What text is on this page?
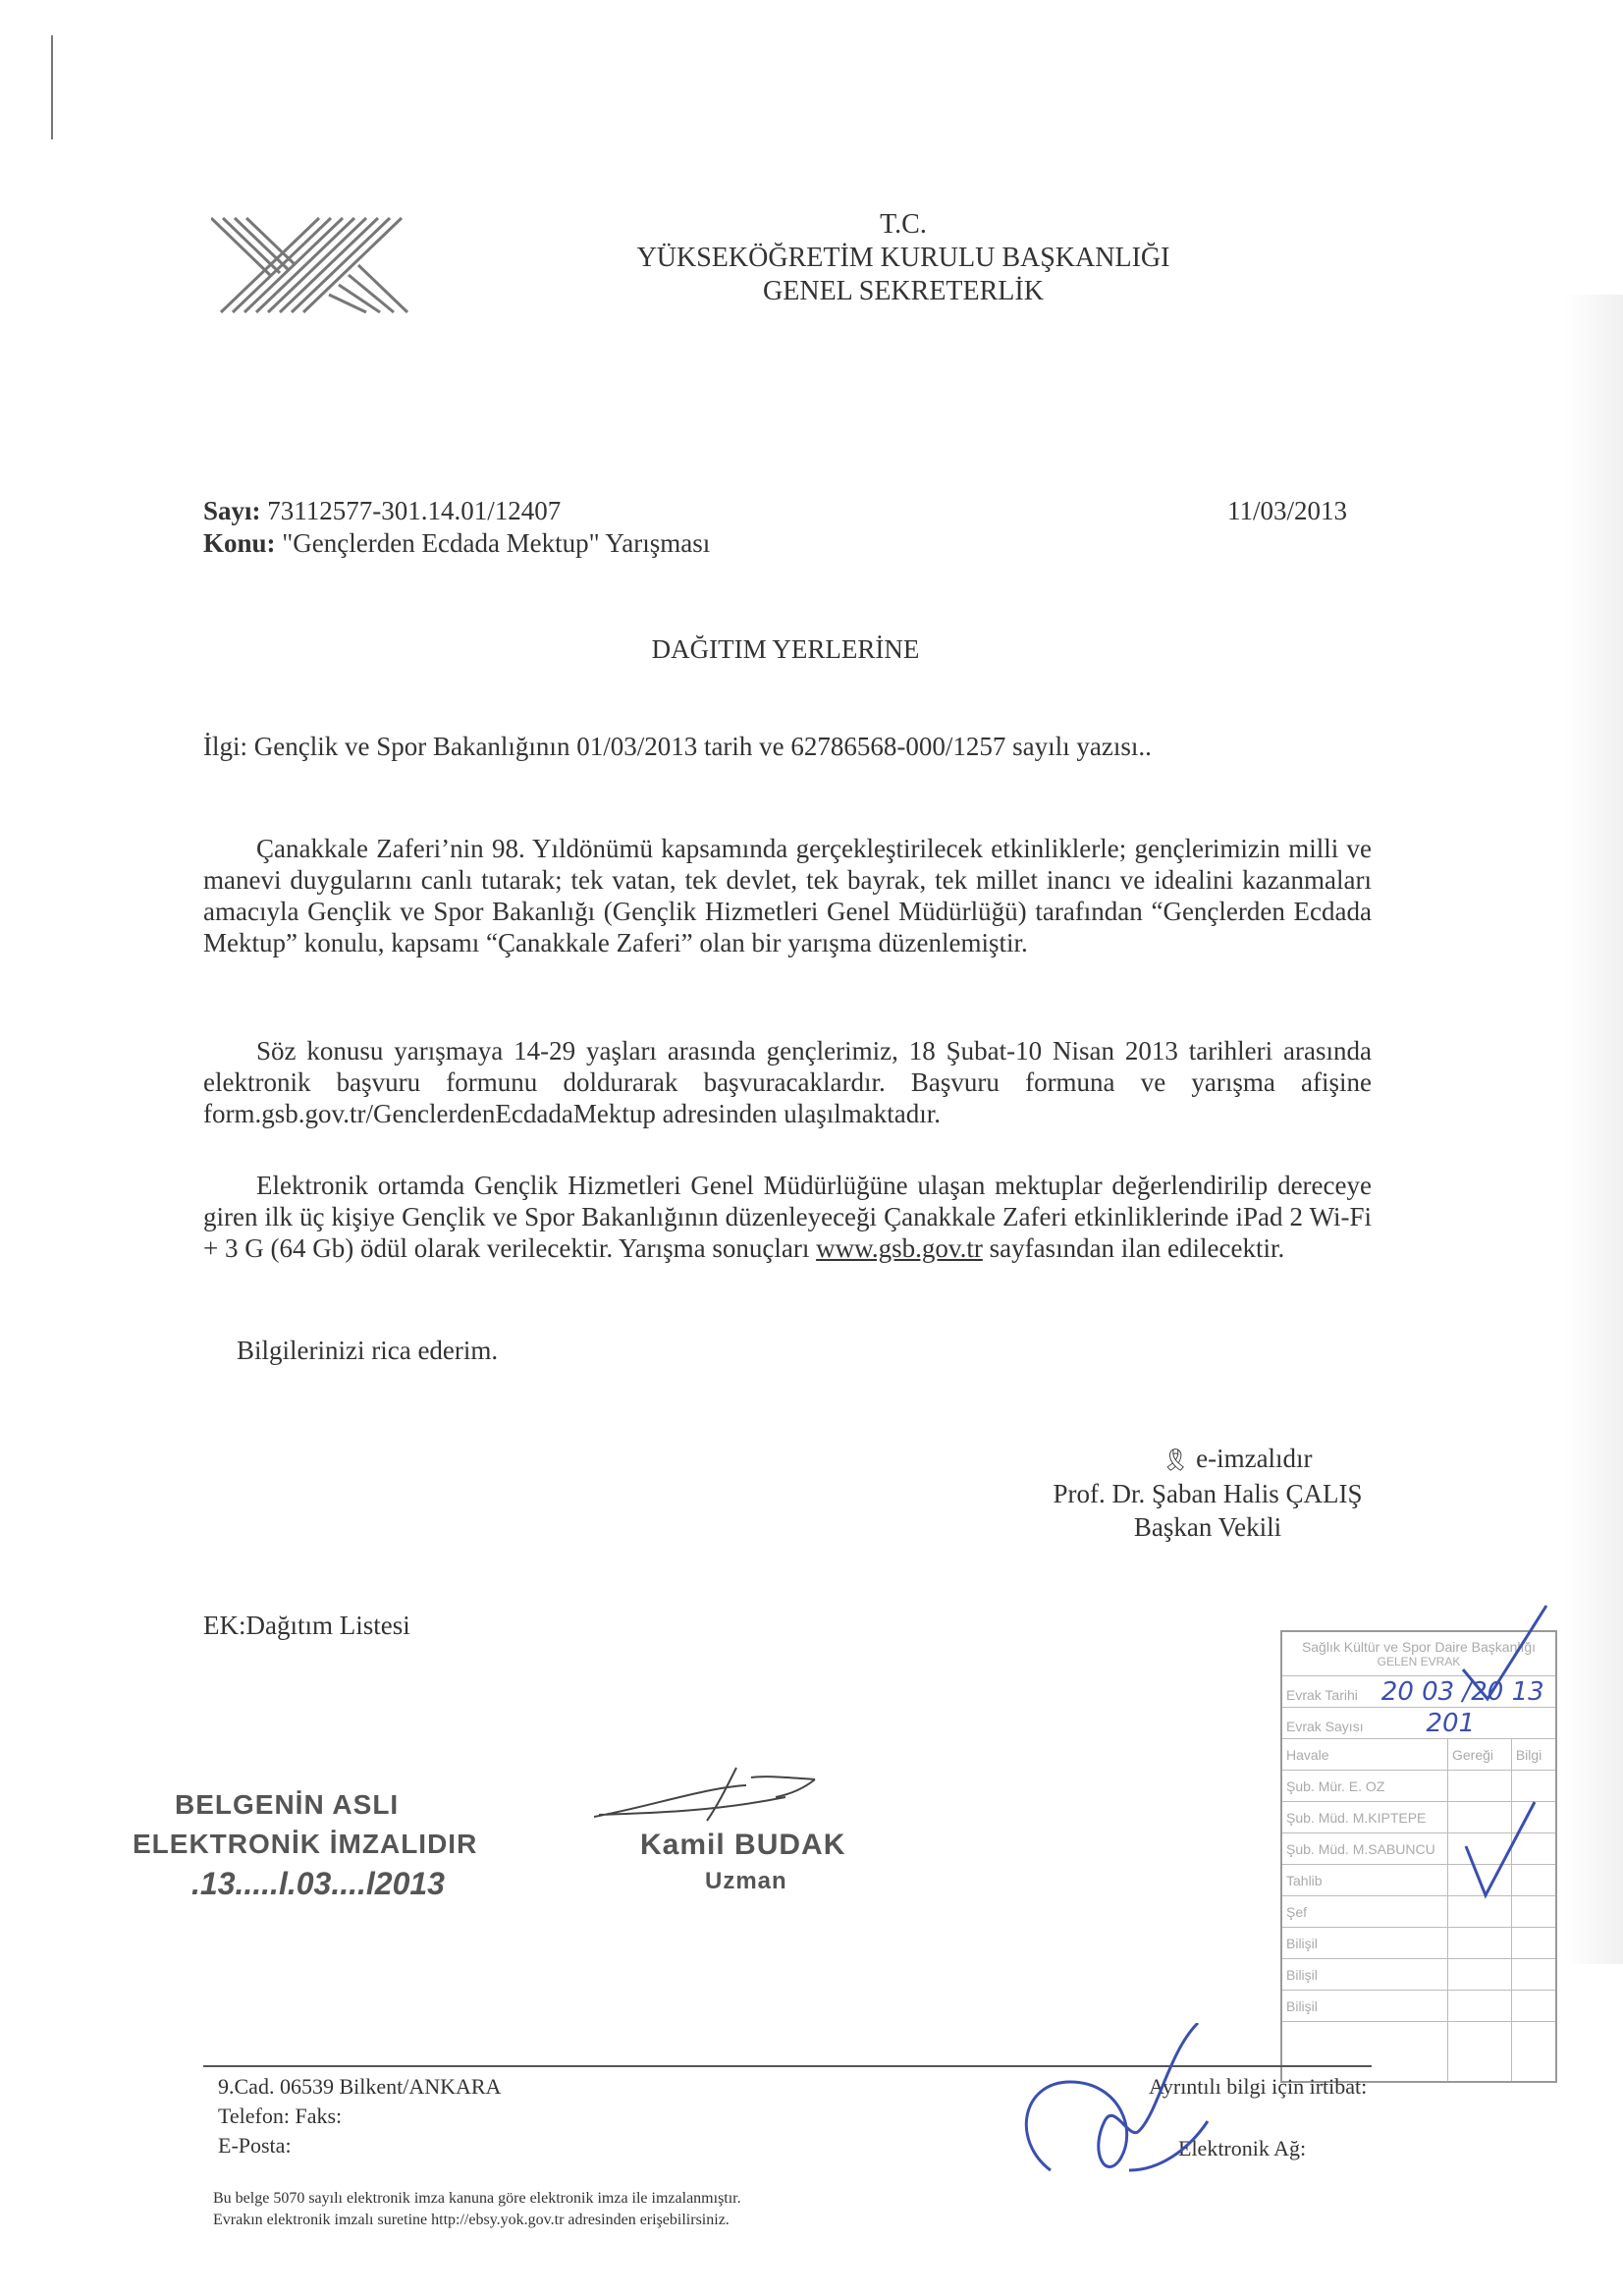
T.C.
YÜKSEKÖĞRETİM KURULU BAŞKANLIĞI
GENEL SEKRETERLİK
Sayı: 73112577-301.14.01/12407
Konu: "Gençlerden Ecdada Mektup" Yarışması
11/03/2013
DAĞITIM YERLERİNE
İlgi: Gençlik ve Spor Bakanlığının 01/03/2013 tarih ve 62786568-000/1257 sayılı yazısı..
Çanakkale Zaferi’nin 98. Yıldönümü kapsamında gerçekleştirilecek etkinliklerle; gençlerimizin milli ve manevi duygularını canlı tutarak; tek vatan, tek devlet, tek bayrak, tek millet inancı ve idealini kazanmaları amacıyla Gençlik ve Spor Bakanlığı (Gençlik Hizmetleri Genel Müdürlüğü) tarafından “Gençlerden Ecdada Mektup” konulu, kapsamı “Çanakkale Zaferi” olan bir yarışma düzenlemiştir.
Söz konusu yarışmaya 14-29 yaşları arasında gençlerimiz, 18 Şubat-10 Nisan 2013 tarihleri arasında elektronik başvuru formunu doldurarak başvuracaklardır. Başvuru formuna ve yarışma afişine form.gsb.gov.tr/GenclerdenEcdadaMektup adresinden ulaşılmaktadır.
Elektronik ortamda Gençlik Hizmetleri Genel Müdürlüğüne ulaşan mektuplar değerlendirilip dereceye giren ilk üç kişiye Gençlik ve Spor Bakanlığının düzenleyeceği Çanakkale Zaferi etkinliklerinde iPad 2 Wi-Fi + 3 G (64 Gb) ödül olarak verilecektir. Yarışma sonuçları www.gsb.gov.tr sayfasından ilan edilecektir.
Bilgilerinizi rica ederim.
🎗 e-imzalıdır
Prof. Dr. Şaban Halis ÇALIŞ
Başkan Vekili
EK:Dağıtım Listesi
BELGENİN ASLI
ELEKTRONİK İMZALIDIR
.13.....l.03....l2013
Kamil BUDAK
Uzman
Sağlık Kültür ve Spor Daire Başkanlığı
GELEN EVRAK		

Evrak Tarihi 20 03 /20 13		
Evrak Sayısı 201		
Havale	Gereği	Bilgi
Şub. Mür. E. OZ		
Şub. Müd. M.KIPTEPE		
Şub. Müd. M.SABUNCU		
Tahlib		
Şef		
Bilişil		
Bilişil		
Bilişil		

9.Cad. 06539 Bilkent/ANKARA
Telefon: Faks:
E-Posta:
Ayrıntılı bilgi için irtibat:
Elektronik Ağ:
Bu belge 5070 sayılı elektronik imza kanuna göre elektronik imza ile imzalanmıştır.
Evrakın elektronik imzalı suretine http://ebsy.yok.gov.tr adresinden erişebilirsiniz.
